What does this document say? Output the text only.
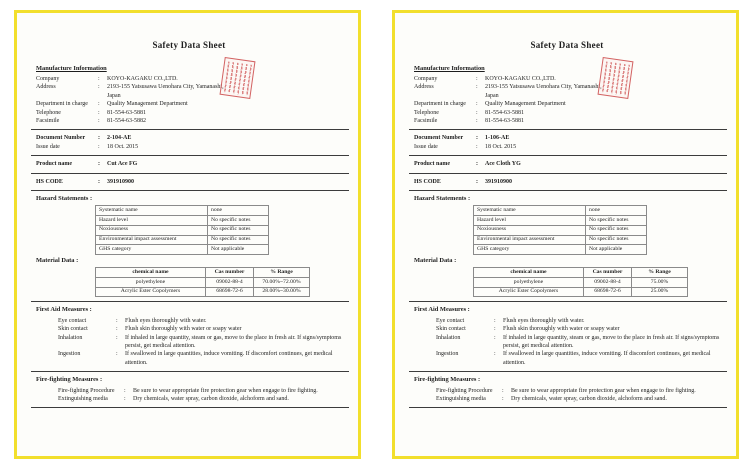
Safety Data Sheet
Manufacture Information
Company	:	KOYO-KAGAKU CO.,LTD.
Address	:	2193-155 Yatsusawa Uenohara City, Yamanashi, Japan
Department in charge	:	Quality Management Department
Telephone	:	81-554-63-5881
Facsimile	:	81-554-63-5882
Document Number	:	2-104-AE
Issue date	:	18 Oct. 2015
Product name	:	Cut Ace FG
HS CODE	:	391910900
Hazard Statements :
Systematic name	none
Hazard level	No specific notes
Noxiousness	No specific notes
Environmental impact assessment	No specific notes
GHS category	Not applicable
Material Data :
chemical name	Cas number	% Range
polyethylene	09002-88-4	70.00%~72.00%
Acrylic Ester Copolymers	68698-72-6	28.00%~30.00%
First Aid Measures :
Eye contact	:	Flush eyes thoroughly with water.
Skin contact	:	Flush skin thoroughly with water or soapy water
Inhalation	:	If inhaled in large quantity, steam or gas, move to the place in fresh air. If signs/symptoms persist, get medical attention.
Ingestion	:	If swallowed in large quantities, induce vomiting. If discomfort continues, get medical attention.
Fire-fighting Measures :
Fire-fighting Procedure	:	Be sure to wear appropriate fire protection gear when engage to fire fighting.
Extinguishing media	:	Dry chemicals, water spray, carbon dioxide, alchoform and sand.
Safety Data Sheet
Manufacture Information
Company	:	KOYO-KAGAKU CO.,LTD.
Address	:	2193-155 Yatsusawa Uenohara City, Yamanashi, Japan
Department in charge	:	Quality Management Department
Telephone	:	81-554-63-5881
Facsimile	:	81-554-63-5881
Document Number	:	1-106-AE
Issue date	:	18 Oct. 2015
Product name	:	Ace Cloth YG
HS CODE	:	391910900
Hazard Statements :
Systematic name	none
Hazard level	No specific notes
Noxiousness	No specific notes
Environmental impact assessment	No specific notes
GHS category	Not applicable
Material Data :
chemical name	Cas number	% Range
polyethylene	09002-88-4	75.00%
Acrylic Ester Copolymers	68698-72-6	25.00%
First Aid Measures :
Eye contact	:	Flush eyes thoroughly with water.
Skin contact	:	Flush skin thoroughly with water or soapy water
Inhalation	:	If inhaled in large quantity, steam or gas, move to the place in fresh air. If signs/symptoms persist, get medical attention.
Ingestion	:	If swallowed in large quantities, induce vomiting. If discomfort continues, get medical attention.
Fire-fighting Measures :
Fire-fighting Procedure	:	Be sure to wear appropriate fire protection gear when engage to fire fighting.
Extinguishing media	:	Dry chemicals, water spray, carbon dioxide, alchoform and sand.
